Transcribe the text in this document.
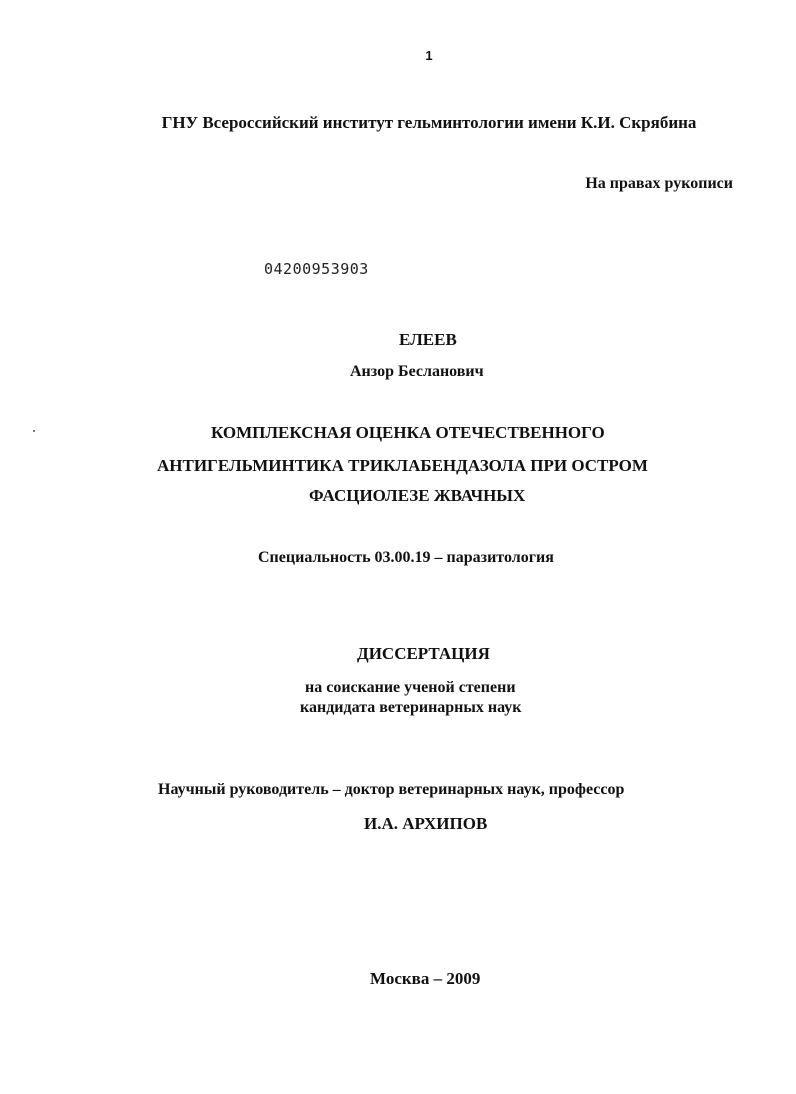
1
ГНУ Всероссийский институт гельминтологии имени К.И. Скрябина
На правах рукописи
04200953903
ЕЛЕЕВ
Анзор Бесланович
КОМПЛЕКСНАЯ ОЦЕНКА ОТЕЧЕСТВЕННОГО
АНТИГЕЛЬМИНТИКА ТРИКЛАБЕНДАЗОЛА ПРИ ОСТРОМ
ФАСЦИОЛЕЗЕ ЖВАЧНЫХ
Специальность 03.00.19 – паразитология
ДИССЕРТАЦИЯ
на соискание ученой степени
кандидата ветеринарных наук
Научный руководитель – доктор ветеринарных наук, профессор
И.А. АРХИПОВ
Москва – 2009
